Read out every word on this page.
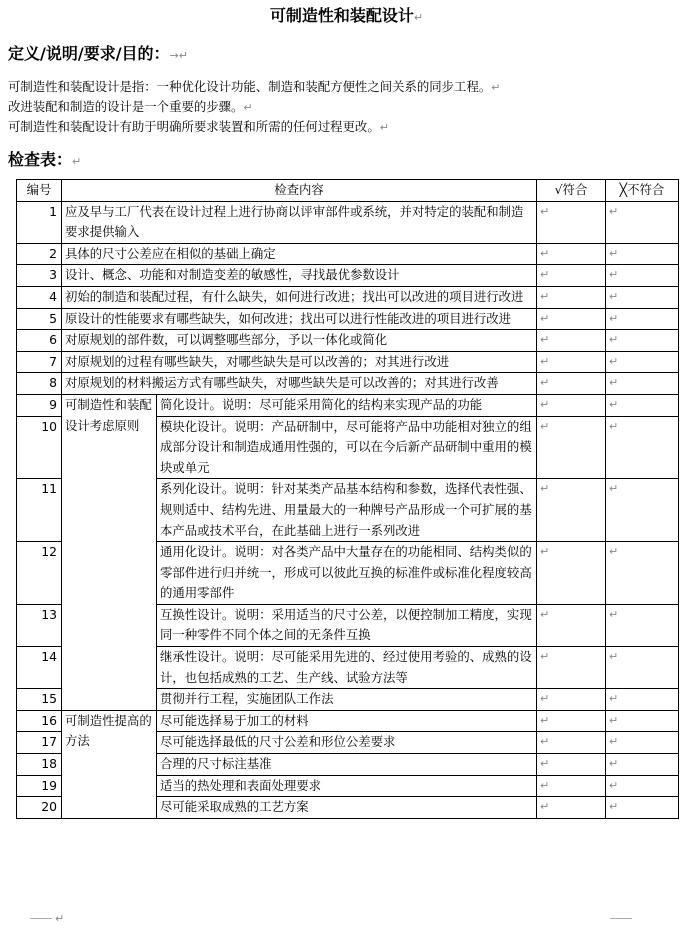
可制造性和装配设计↵
定义/说明/要求/目的：→↵
可制造性和装配设计是指：一种优化设计功能、制造和装配方便性之间关系的同步工程。↵
改进装配和制造的设计是一个重要的步骤。↵
可制造性和装配设计有助于明确所要求装置和所需的任何过程更改。↵
检查表：↵
编号	检查内容		√符合	╳不符合
1	应及早与工厂代表在设计过程上进行协商以评审部件或系统，并对特定的装配和制造要求提供输入		↵	↵
2	具体的尺寸公差应在相似的基础上确定		↵	↵
3	设计、概念、功能和对制造变差的敏感性，寻找最优参数设计		↵	↵
4	初始的制造和装配过程，有什么缺失，如何进行改进；找出可以改进的项目进行改进		↵	↵
5	原设计的性能要求有哪些缺失，如何改进；找出可以进行性能改进的项目进行改进		↵	↵
6	对原规划的部件数，可以调整哪些部分，予以一体化或简化		↵	↵
7	对原规划的过程有哪些缺失，对哪些缺失是可以改善的；对其进行改进		↵	↵
8	对原规划的材料搬运方式有哪些缺失，对哪些缺失是可以改善的；对其进行改善		↵	↵
9	可制造性和装配设计考虑原则	简化设计。说明：尽可能采用简化的结构来实现产品的功能	↵	↵
10		模块化设计。说明：产品研制中，尽可能将产品中功能相对独立的组成部分设计和制造成通用性强的，可以在今后新产品研制中重用的模块或单元	↵	↵
11		系列化设计。说明：针对某类产品基本结构和参数，选择代表性强、规则适中、结构先进、用量最大的一种牌号产品形成一个可扩展的基本产品或技术平台，在此基础上进行一系列改进	↵	↵
12		通用化设计。说明：对各类产品中大量存在的功能相同、结构类似的零部件进行归并统一，形成可以彼此互换的标准件或标准化程度较高的通用零部件	↵	↵
13		互换性设计。说明：采用适当的尺寸公差，以便控制加工精度，实现同一种零件不同个体之间的无条件互换	↵	↵
14		继承性设计。说明：尽可能采用先进的、经过使用考验的、成熟的设计，也包括成熟的工艺、生产线、试验方法等	↵	↵
15		贯彻并行工程，实施团队工作法	↵	↵
16	可制造性提高的方法	尽可能选择易于加工的材料	↵	↵
17		尽可能选择最低的尺寸公差和形位公差要求	↵	↵
18		合理的尺寸标注基准	↵	↵
19		适当的热处理和表面处理要求	↵	↵
20		尽可能采取成熟的工艺方案	↵	↵
↵
